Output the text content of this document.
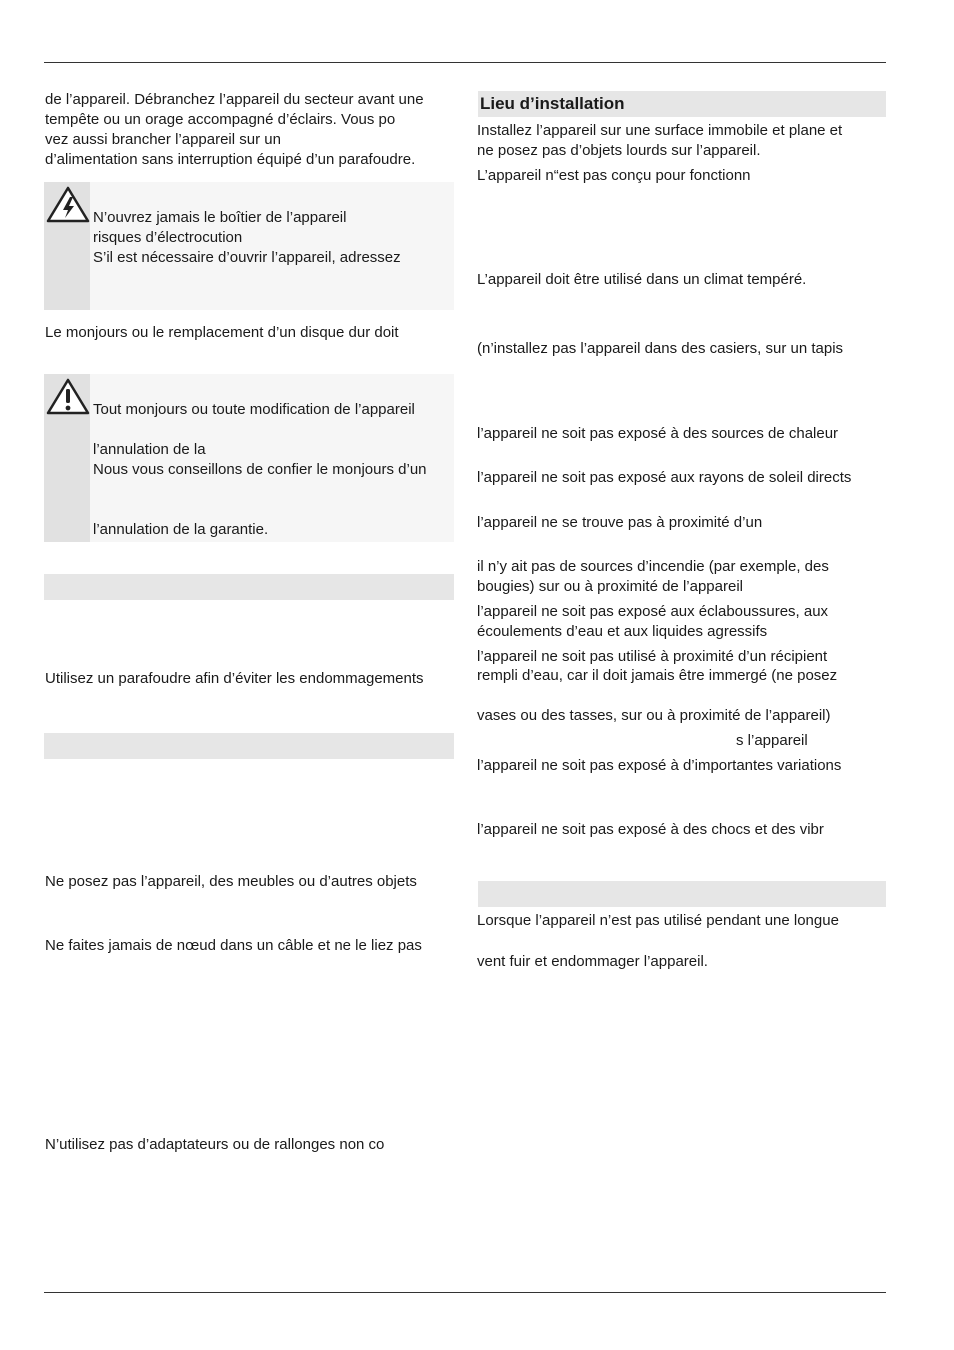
de l’appareil. Débranchez l’appareil du secteur avant une
tempête ou un orage accompagné d’éclairs. Vous po
vez aussi brancher l’appareil sur un
d’alimentation sans interruption équipé d’un parafoudre.
N’ouvrez jamais le boîtier de l’appareil
risques d’électrocution
S’il est nécessaire d’ouvrir l’appareil, adressez
Le monjours ou le remplacement d’un disque dur doit
Tout monjours ou toute modification de l’appareil
l’annulation de la
Nous vous conseillons de confier le monjours d’un
l’annulation de la garantie.
Utilisez un parafoudre afin d’éviter les endommagements
Ne posez pas l’appareil, des meubles ou d’autres objets
Ne faites jamais de nœud dans un câble et ne le liez pas
N’utilisez pas d’adaptateurs ou de rallonges non co
Lieu d’installation
Installez l’appareil sur une surface immobile et plane et
ne posez pas d’objets lourds sur l’appareil.
L’appareil n“est pas conçu pour fonctionn
L’appareil doit être utilisé dans un climat tempéré.
(n’installez pas l’appareil dans des casiers, sur un tapis
l’appareil ne soit pas exposé à des sources de chaleur
l’appareil ne soit pas exposé aux rayons de soleil directs
l’appareil ne se trouve pas à proximité d’un
il n’y ait pas de sources d’incendie (par exemple, des
bougies) sur ou à proximité de l’appareil
l’appareil ne soit pas exposé aux éclaboussures, aux
écoulements d’eau et aux liquides agressifs
l’appareil ne soit pas utilisé à proximité d’un récipient
rempli d’eau, car il doit jamais être immergé (ne posez
vases ou des tasses, sur ou à proximité de l’appareil)
s l’appareil
l’appareil ne soit pas exposé à d’importantes variations
l’appareil ne soit pas exposé à des chocs et des vibr
Lorsque l’appareil n’est pas utilisé pendant une longue
vent fuir et endommager l’appareil.
